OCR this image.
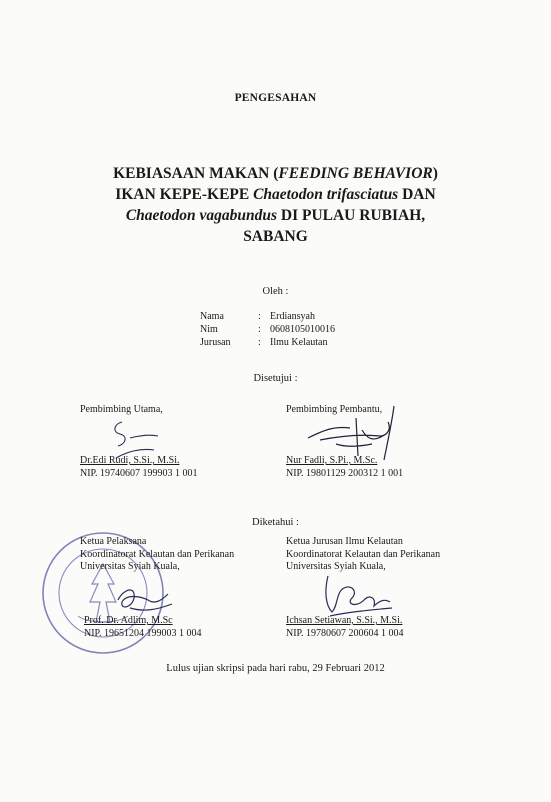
PENGESAHAN
KEBIASAAN MAKAN (FEEDING BEHAVIOR)
IKAN KEPE-KEPE Chaetodon trifasciatus DAN
Chaetodon vagabundus DI PULAU RUBIAH,
SABANG
Oleh :
Nama	: Erdiansyah
Nim	: 0608105010016
Jurusan	: Ilmu Kelautan
Disetujui :
Pembimbing Utama,
Dr.Edi Rudi, S.Si., M.Si.
NIP. 19740607 199903 1 001
Pembimbing Pembantu,
Nur Fadli, S.Pi., M.Sc.
NIP. 19801129 200312 1 001
Diketahui :
Ketua Pelaksana
Koordinatorat Kelautan dan Perikanan
Universitas Syiah Kuala,
Prof. Dr. Adlim, M.Sc
NIP. 19651204 199003 1 004
Ketua Jurusan Ilmu Kelautan
Koordinatorat Kelautan dan Perikanan
Universitas Syiah Kuala,
Ichsan Setiawan, S.Si., M.Si.
NIP. 19780607 200604 1 004
Lulus ujian skripsi pada hari rabu, 29 Februari 2012
